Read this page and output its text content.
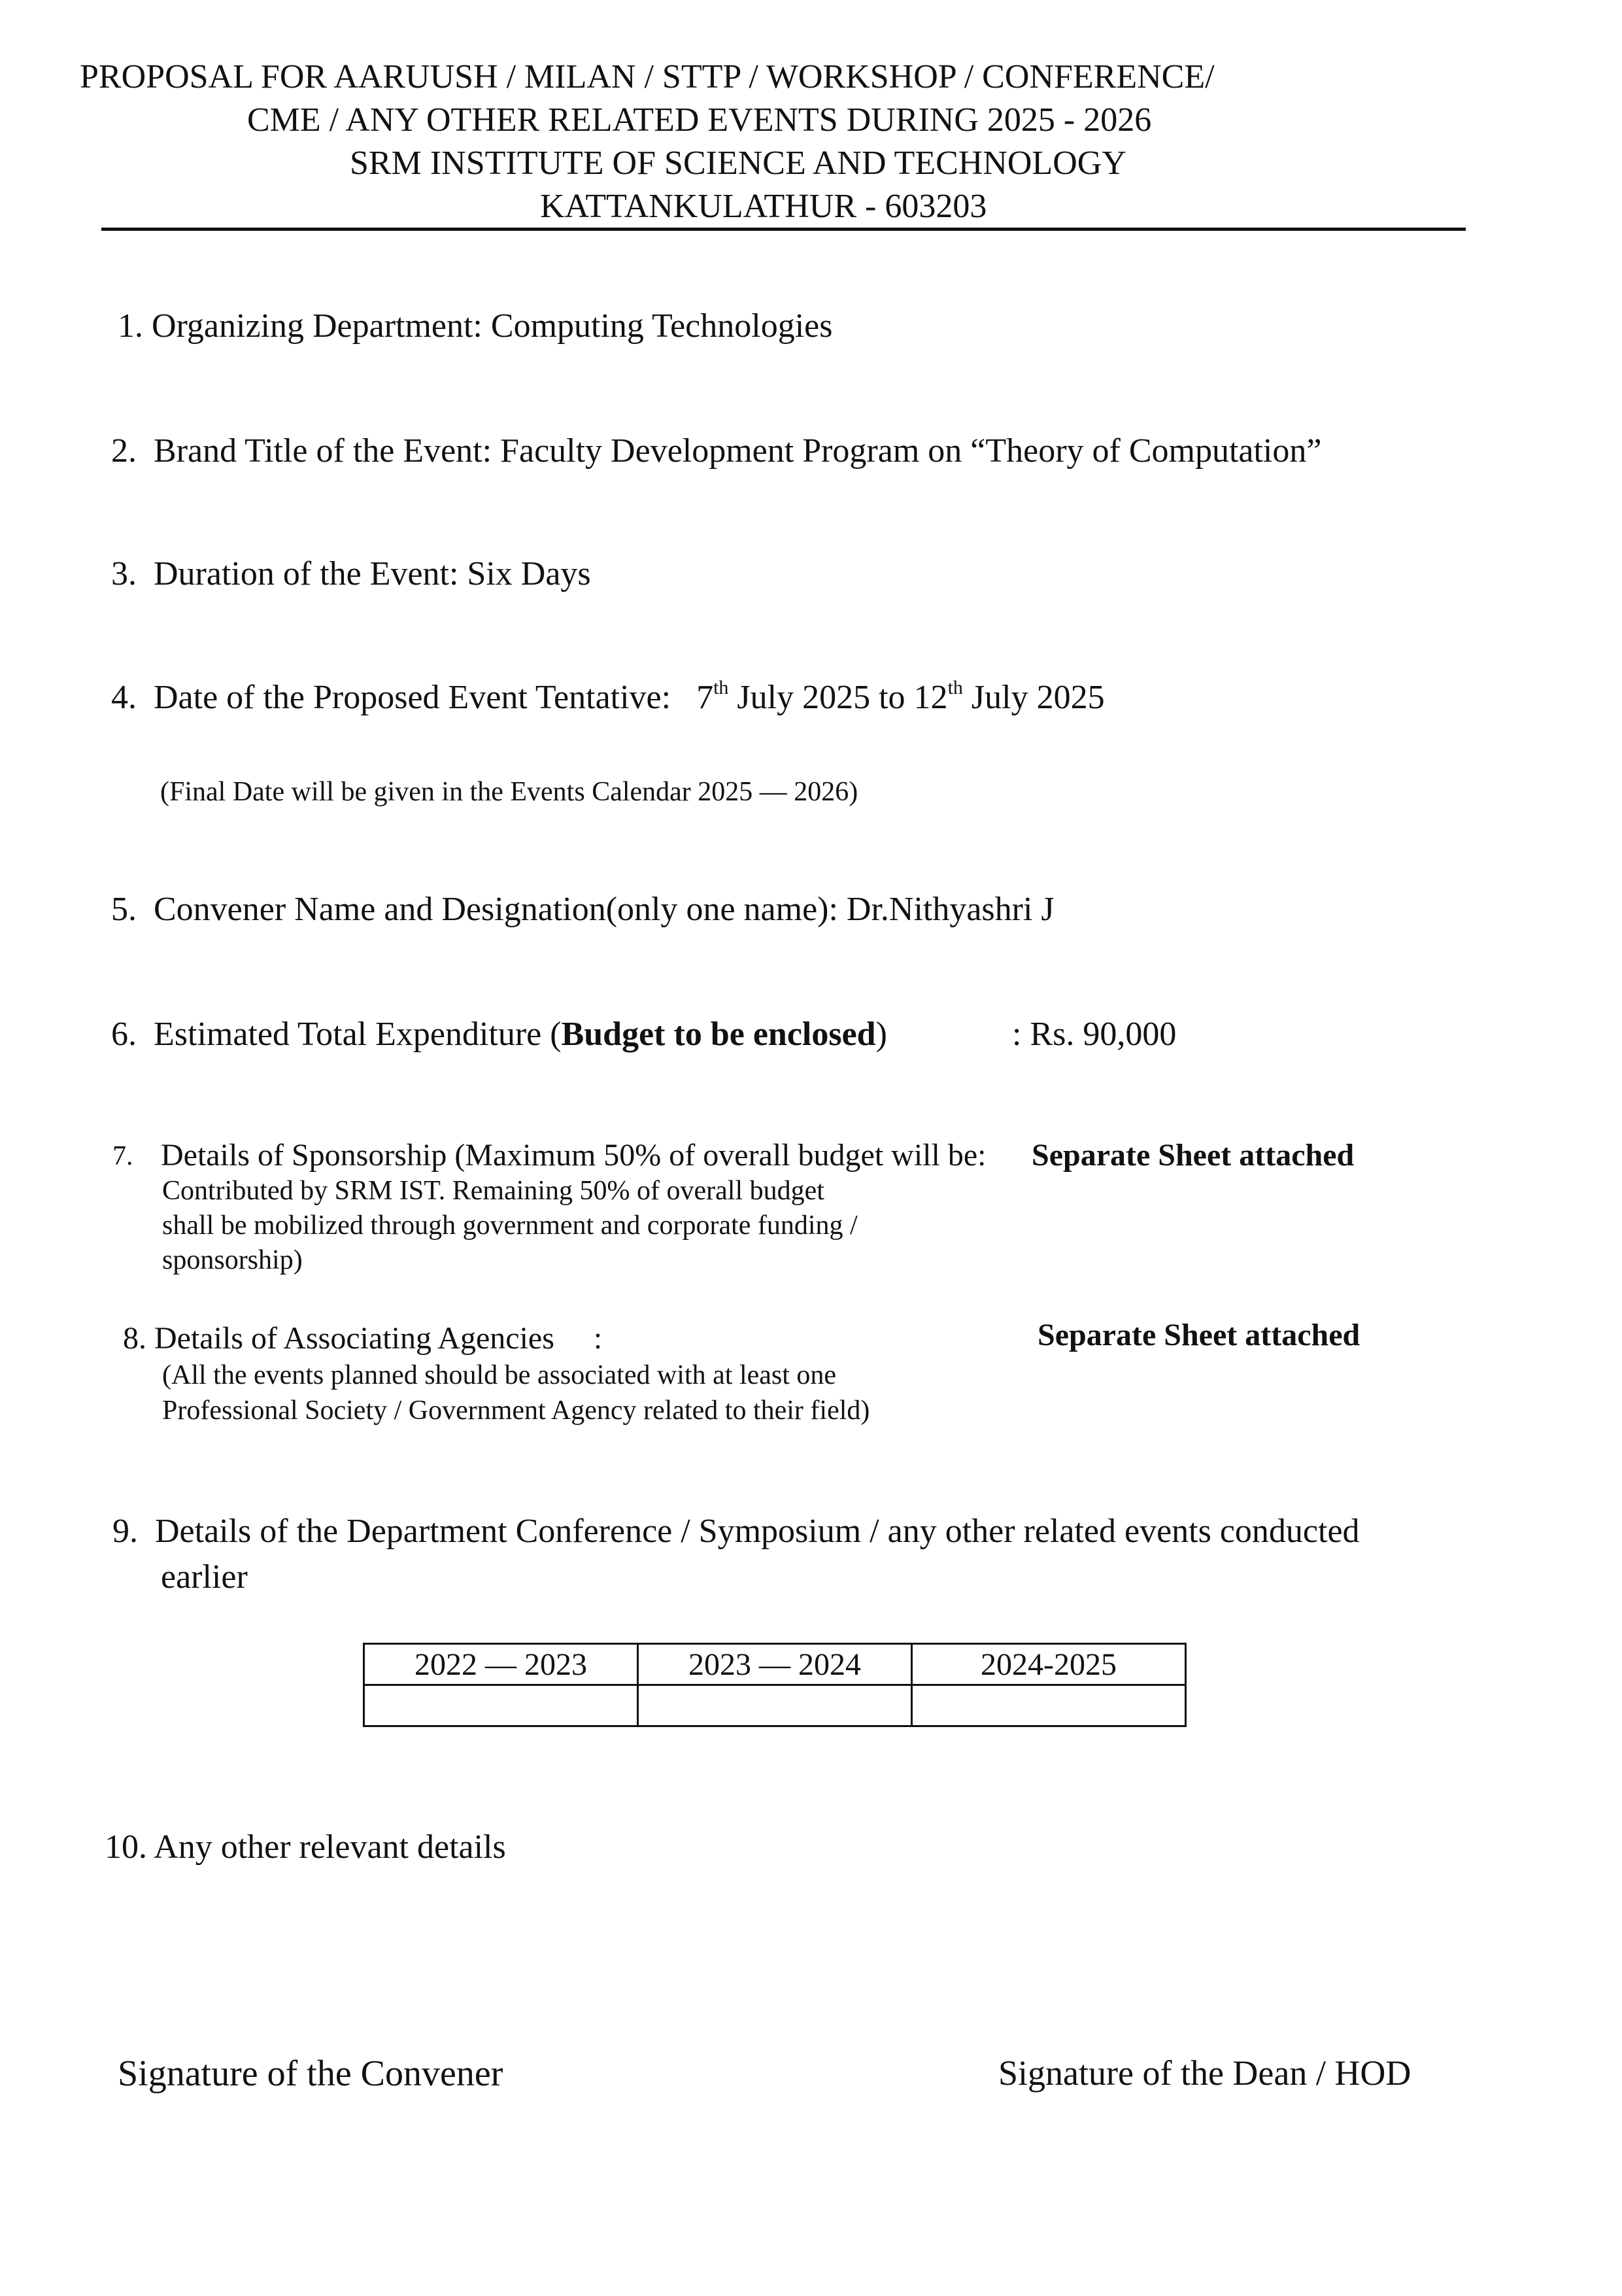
PROPOSAL FOR AARUUSH / MILAN / STTP / WORKSHOP / CONFERENCE/
CME / ANY OTHER RELATED EVENTS DURING 2025 - 2026
SRM INSTITUTE OF SCIENCE AND TECHNOLOGY
KATTANKULATHUR - 603203
1. Organizing Department: Computing Technologies
2. Brand Title of the Event: Faculty Development Program on “Theory of Computation”
3. Duration of the Event: Six Days
4. Date of the Proposed Event Tentative: 7th July 2025 to 12th July 2025
(Final Date will be given in the Events Calendar 2025 — 2026)
5. Convener Name and Designation(only one name): Dr.Nithyashri J
6. Estimated Total Expenditure (Budget to be enclosed)	: Rs. 90,000
7. Details of Sponsorship (Maximum 50% of overall budget will be: Separate Sheet attached
Contributed by SRM IST. Remaining 50% of overall budget
shall be mobilized through government and corporate funding /
sponsorship)
8. Details of Associating Agencies :	Separate Sheet attached
(All the events planned should be associated with at least one
Professional Society / Government Agency related to their field)
9. Details of the Department Conference / Symposium / any other related events conducted
earlier
2022 — 2023	2023 — 2024	2024-2025

10. Any other relevant details
Signature of the Convener	Signature of the Dean / HOD
